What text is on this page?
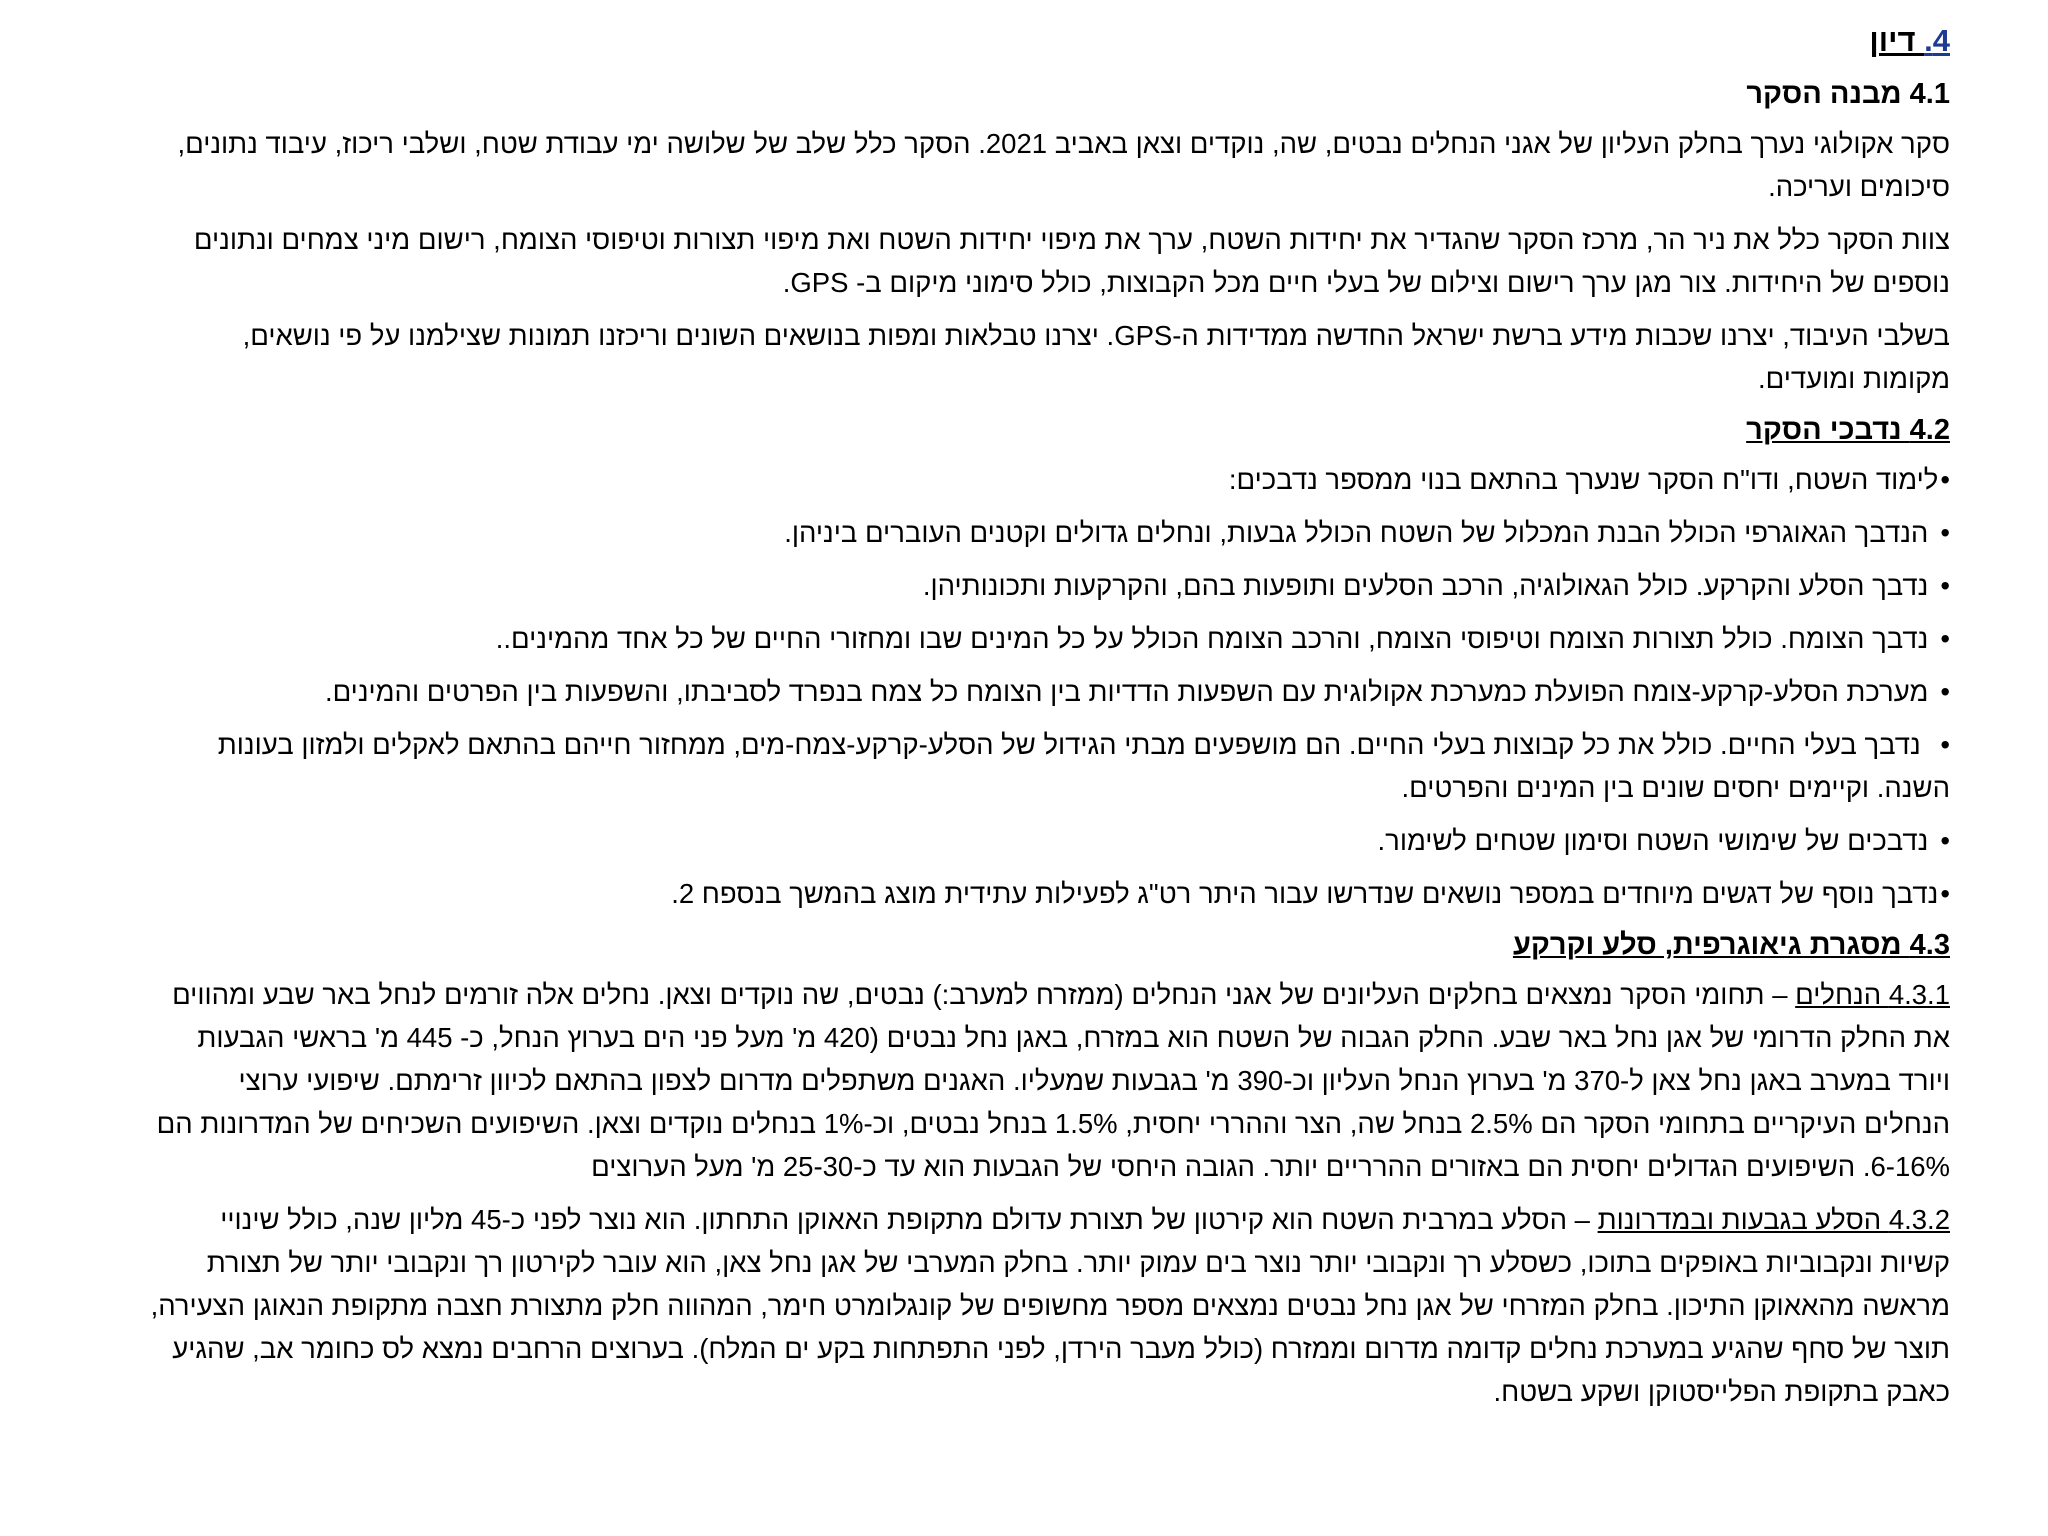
4. דיון
4.1 מבנה הסקר

סקר אקולוגי נערך בחלק העליון של אגני הנחלים נבטים, שה, נוקדים וצאן באביב 2021. הסקר כלל שלב של שלושה ימי עבודת שטח, ושלבי ריכוז, עיבוד נתונים, סיכומים ועריכה.

צוות הסקר כלל את ניר הר, מרכז הסקר שהגדיר את יחידות השטח, ערך את מיפוי יחידות השטח ואת מיפוי תצורות וטיפוסי הצומח, רישום מיני צמחים ונתונים נוספים של היחידות. צור מגן ערך רישום וצילום של בעלי חיים מכל הקבוצות, כולל סימוני מיקום ב- GPS.

בשלבי העיבוד, יצרנו שכבות מידע ברשת ישראל החדשה ממדידות ה-GPS. יצרנו טבלאות ומפות בנושאים השונים וריכזנו תמונות שצילמנו על פי נושאים, מקומות ומועדים.

4.2 נדבכי הסקר

• לימוד השטח, ודו"ח הסקר שנערך בהתאם בנוי ממספר נדבכים:

• הנדבך הגאוגרפי הכולל הבנת המכלול של השטח הכולל גבעות, ונחלים גדולים וקטנים העוברים ביניהן.
• נדבך הסלע והקרקע. כולל הגאולוגיה, הרכב הסלעים ותופעות בהם, והקרקעות ותכונותיהן.
• נדבך הצומח. כולל תצורות הצומח וטיפוסי הצומח, והרכב הצומח הכולל על כל המינים שבו ומחזורי החיים של כל אחד מהמינים..
• מערכת הסלע-קרקע-צומח הפועלת כמערכת אקולוגית עם השפעות הדדיות בין הצומח כל צמח בנפרד לסביבתו, והשפעות בין הפרטים והמינים.
• נדבך בעלי החיים. כולל את כל קבוצות בעלי החיים. הם מושפעים מבתי הגידול של הסלע-קרקע-צמח-מים, ממחזור חייהם בהתאם לאקלים ולמזון בעונות השנה. וקיימים יחסים שונים בין המינים והפרטים.
• נדבכים של שימושי השטח וסימון שטחים לשימור.

• נדבך נוסף של דגשים מיוחדים במספר נושאים שנדרשו עבור היתר רט"ג לפעילות עתידית מוצג בהמשך בנספח 2.

4.3 מסגרת גיאוגרפית, סלע וקרקע

4.3.1 הנחלים – תחומי הסקר נמצאים בחלקים העליונים של אגני הנחלים (ממזרח למערב:) נבטים, שה נוקדים וצאן. נחלים אלה זורמים לנחל באר שבע ומהווים את החלק הדרומי של אגן נחל באר שבע. החלק הגבוה של השטח הוא במזרח, באגן נחל נבטים (420 מ' מעל פני הים בערוץ הנחל, כ- 445 מ' בראשי הגבעות ויורד במערב באגן נחל צאן ל-370 מ' בערוץ הנחל העליון וכ-390 מ' בגבעות שמעליו. האגנים משתפלים מדרום לצפון בהתאם לכיוון זרימתם. שיפועי ערוצי הנחלים העיקריים בתחומי הסקר הם 2.5% בנחל שה, הצר וההררי יחסית, 1.5% בנחל נבטים, וכ-1% בנחלים נוקדים וצאן. השיפועים השכיחים של המדרונות הם 6-16%. השיפועים הגדולים יחסית הם באזורים ההרריים יותר. הגובה היחסי של הגבעות הוא עד כ-25-30 מ' מעל הערוצים

4.3.2 הסלע בגבעות ובמדרונות – הסלע במרבית השטח הוא קירטון של תצורת עדולם מתקופת האאוקן התחתון. הוא נוצר לפני כ-45 מליון שנה, כולל שינויי קשיות ונקבוביות באופקים בתוכו, כשסלע רך ונקבובי יותר נוצר בים עמוק יותר. בחלק המערבי של אגן נחל צאן, הוא עובר לקירטון רך ונקבובי יותר של תצורת מראשה מהאאוקן התיכון. בחלק המזרחי של אגן נחל נבטים נמצאים מספר מחשופים של קונגלומרט חימר, המהווה חלק מתצורת חצבה מתקופת הנאוגן הצעירה, תוצר של סחף שהגיע במערכת נחלים קדומה מדרום וממזרח (כולל מעבר הירדן, לפני התפתחות בקע ים המלח). בערוצים הרחבים נמצא לס כחומר אב, שהגיע כאבק בתקופת הפלייסטוקן ושקע בשטח.
